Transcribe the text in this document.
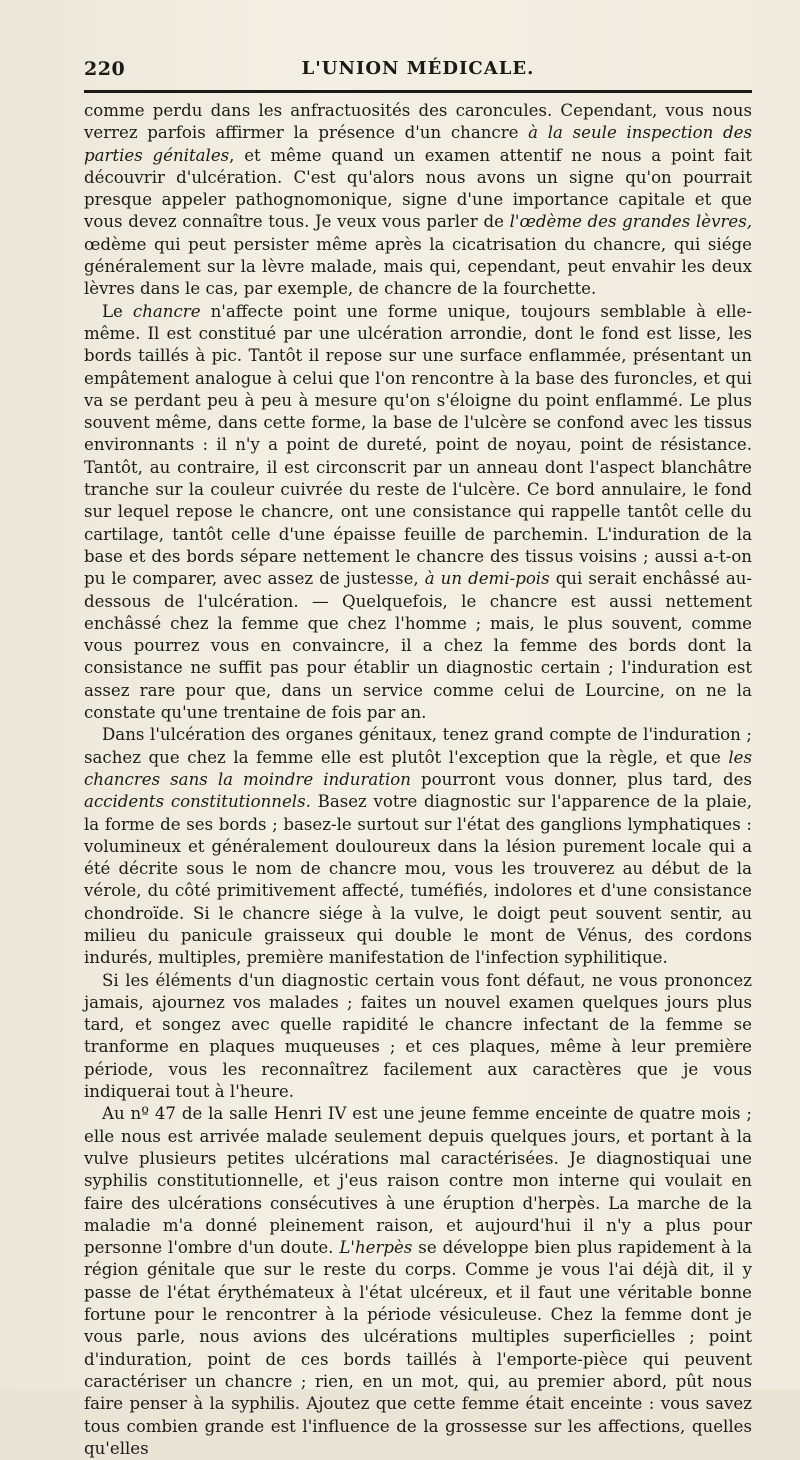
220	L'UNION MÉDICALE.

comme perdu dans les anfractuosités des caroncules. Cependant, vous nous verrez parfois affirmer la présence d'un chancre à la seule inspection des parties génitales, et même quand un examen attentif ne nous a point fait découvrir d'ulcération. C'est qu'alors nous avons un signe qu'on pourrait presque appeler pathognomonique, signe d'une importance capitale et que vous devez connaître tous. Je veux vous parler de l'œdème des grandes lèvres, œdème qui peut persister même après la cicatrisation du chancre, qui siége généralement sur la lèvre malade, mais qui, cependant, peut envahir les deux lèvres dans le cas, par exemple, de chancre de la fourchette.

Le chancre n'affecte point une forme unique, toujours semblable à elle-même. Il est constitué par une ulcération arrondie, dont le fond est lisse, les bords taillés à pic. Tantôt il repose sur une surface enflammée, présentant un empâtement analogue à celui que l'on rencontre à la base des furoncles, et qui va se perdant peu à peu à mesure qu'on s'éloigne du point enflammé. Le plus souvent même, dans cette forme, la base de l'ulcère se confond avec les tissus environnants : il n'y a point de dureté, point de noyau, point de résistance. Tantôt, au contraire, il est circonscrit par un anneau dont l'aspect blanchâtre tranche sur la couleur cuivrée du reste de l'ulcère. Ce bord annulaire, le fond sur lequel repose le chancre, ont une consistance qui rappelle tantôt celle du cartilage, tantôt celle d'une épaisse feuille de parchemin. L'induration de la base et des bords sépare nettement le chancre des tissus voisins ; aussi a-t-on pu le comparer, avec assez de justesse, à un demi-pois qui serait enchâssé au-dessous de l'ulcération. — Quelquefois, le chancre est aussi nettement enchâssé chez la femme que chez l'homme ; mais, le plus souvent, comme vous pourrez vous en convaincre, il a chez la femme des bords dont la consistance ne suffit pas pour établir un diagnostic certain ; l'induration est assez rare pour que, dans un service comme celui de Lourcine, on ne la constate qu'une trentaine de fois par an.

Dans l'ulcération des organes génitaux, tenez grand compte de l'induration ; sachez que chez la femme elle est plutôt l'exception que la règle, et que les chancres sans la moindre induration pourront vous donner, plus tard, des accidents constitutionnels. Basez votre diagnostic sur l'apparence de la plaie, la forme de ses bords ; basez-le surtout sur l'état des ganglions lymphatiques : volumineux et généralement douloureux dans la lésion purement locale qui a été décrite sous le nom de chancre mou, vous les trouverez au début de la vérole, du côté primitivement affecté, tuméfiés, indolores et d'une consistance chondroïde. Si le chancre siége à la vulve, le doigt peut souvent sentir, au milieu du panicule graisseux qui double le mont de Vénus, des cordons indurés, multiples, première manifestation de l'infection syphilitique.

Si les éléments d'un diagnostic certain vous font défaut, ne vous prononcez jamais, ajournez vos malades ; faites un nouvel examen quelques jours plus tard, et songez avec quelle rapidité le chancre infectant de la femme se tranforme en plaques muqueuses ; et ces plaques, même à leur première période, vous les reconnaîtrez facilement aux caractères que je vous indiquerai tout à l'heure.

Au nº 47 de la salle Henri IV est une jeune femme enceinte de quatre mois ; elle nous est arrivée malade seulement depuis quelques jours, et portant à la vulve plusieurs petites ulcérations mal caractérisées. Je diagnostiquai une syphilis constitutionnelle, et j'eus raison contre mon interne qui voulait en faire des ulcérations consécutives à une éruption d'herpès. La marche de la maladie m'a donné pleinement raison, et aujourd'hui il n'y a plus pour personne l'ombre d'un doute. L'herpès se développe bien plus rapidement à la région génitale que sur le reste du corps. Comme je vous l'ai déjà dit, il y passe de l'état érythémateux à l'état ulcéreux, et il faut une véritable bonne fortune pour le rencontrer à la période vésiculeuse. Chez la femme dont je vous parle, nous avions des ulcérations multiples superficielles ; point d'induration, point de ces bords taillés à l'emporte-pièce qui peuvent caractériser un chancre ; rien, en un mot, qui, au premier abord, pût nous faire penser à la syphilis. Ajoutez que cette femme était enceinte : vous savez tous combien grande est l'influence de la grossesse sur les affections, quelles qu'elles
